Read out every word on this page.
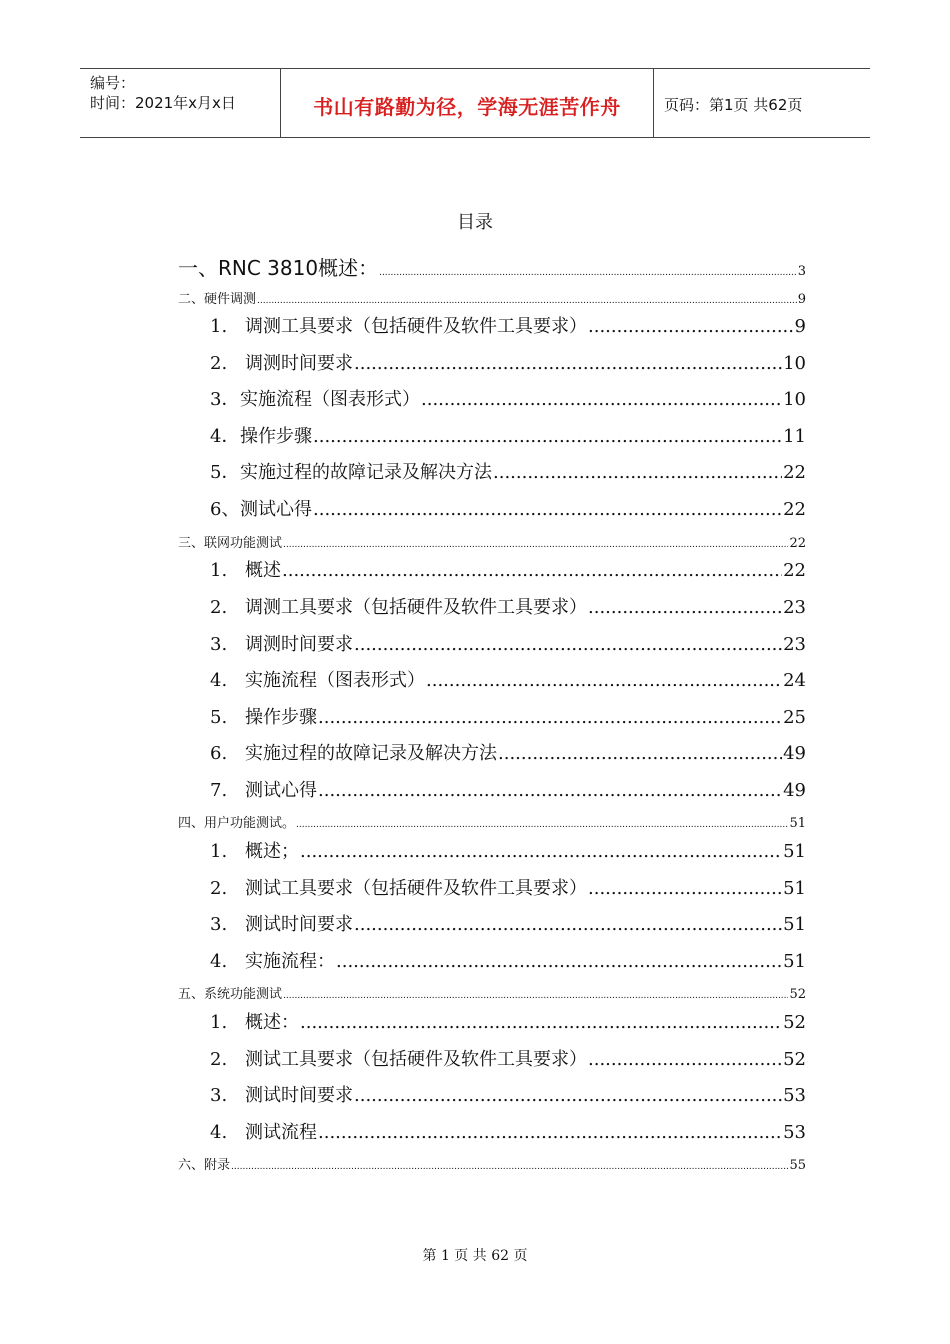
编号：
时间：2021年x月x日	书山有路勤为径，学海无涯苦作舟	页码：第1页 共62页
目录
一、RNC 3810概述： .....	3
二、硬件调测 .....	9
1. 调测工具要求（包括硬件及软件工具要求） .....	9
2. 调测时间要求 .....	10
3．实施流程（图表形式） .....	10
4．操作步骤 .....	11
5．实施过程的故障记录及解决方法 .....	22
6、测试心得 .....	22
三、联网功能测试 .....	22
1. 概述 .....	22
2. 调测工具要求（包括硬件及软件工具要求） .....	23
3. 调测时间要求 .....	23
4. 实施流程（图表形式） .....	24
5. 操作步骤 .....	25
6. 实施过程的故障记录及解决方法 .....	49
7. 测试心得 .....	49
四、用户功能测试。 .....	51
1. 概述； .....	51
2. 测试工具要求（包括硬件及软件工具要求） .....	51
3. 测试时间要求 .....	51
4. 实施流程： .....	51
五、系统功能测试 .....	52
1. 概述： .....	52
2. 测试工具要求（包括硬件及软件工具要求） .....	52
3. 测试时间要求 .....	53
4. 测试流程 .....	53
六、附录 .....	55
第 1 页 共 62 页
